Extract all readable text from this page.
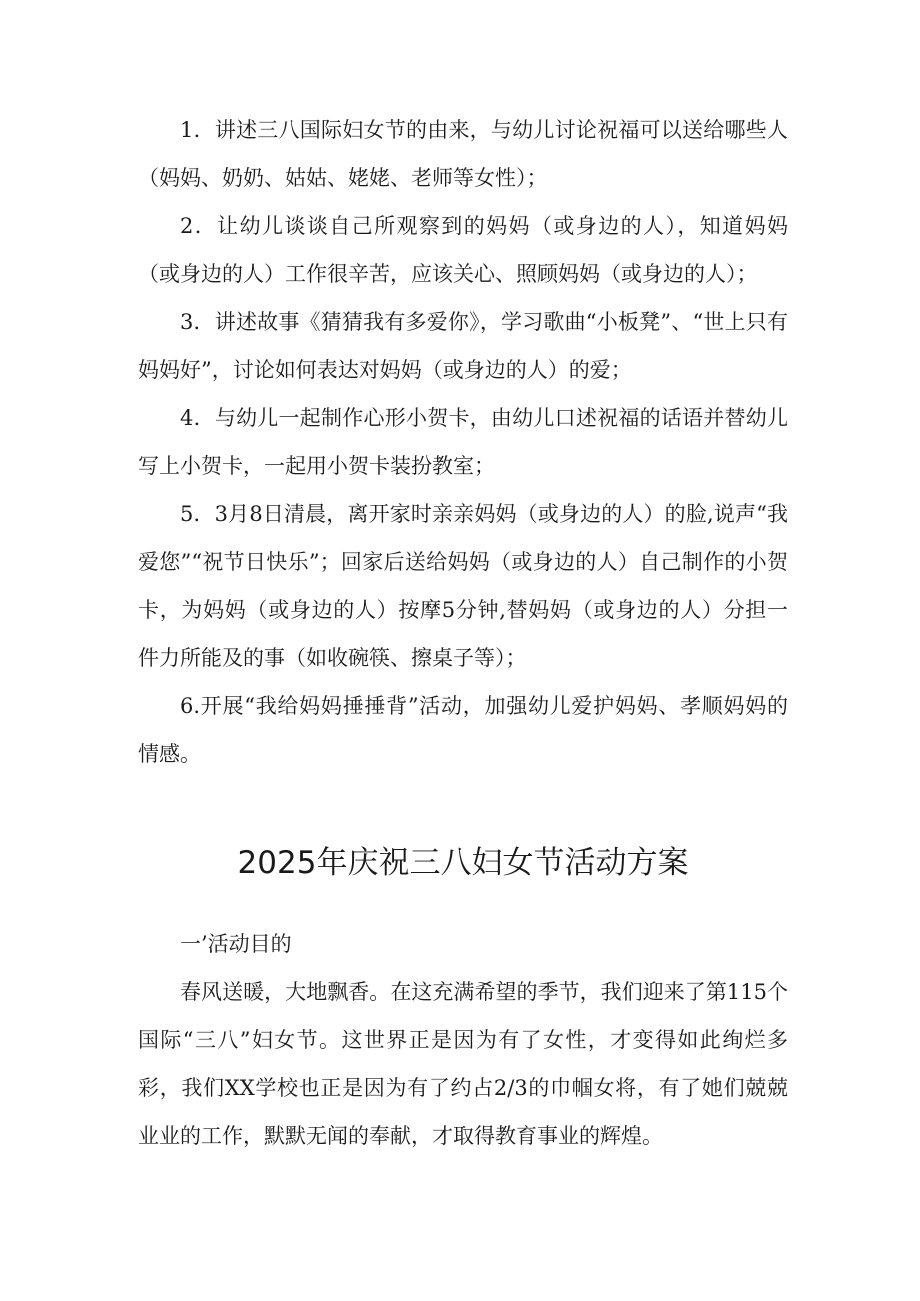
1．讲述三八国际妇女节的由来，与幼儿讨论祝福可以送给哪些人（妈妈、奶奶、姑姑、姥姥、老师等女性）；

2．让幼儿谈谈自己所观察到的妈妈（或身边的人），知道妈妈（或身边的人）工作很辛苦，应该关心、照顾妈妈（或身边的人）；

3．讲述故事《猜猜我有多爱你》，学习歌曲“小板凳”、“世上只有妈妈好”，讨论如何表达对妈妈（或身边的人）的爱；

4．与幼儿一起制作心形小贺卡，由幼儿口述祝福的话语并替幼儿写上小贺卡，一起用小贺卡装扮教室；

5．3月8日清晨，离开家时亲亲妈妈（或身边的人）的脸,说声“我爱您”“祝节日快乐”；回家后送给妈妈（或身边的人）自己制作的小贺卡，为妈妈（或身边的人）按摩5分钟,替妈妈（或身边的人）分担一件力所能及的事（如收碗筷、擦桌子等）；

6.开展“我给妈妈捶捶背”活动，加强幼儿爱护妈妈、孝顺妈妈的情感。

2025年庆祝三八妇女节活动方案

一’活动目的

春风送暖，大地飘香。在这充满希望的季节，我们迎来了第115个国际“三八”妇女节。这世界正是因为有了女性，才变得如此绚烂多彩，我们XX学校也正是因为有了约占2/3的巾帼女将，有了她们兢兢业业的工作，默默无闻的奉献，才取得教育事业的辉煌。
